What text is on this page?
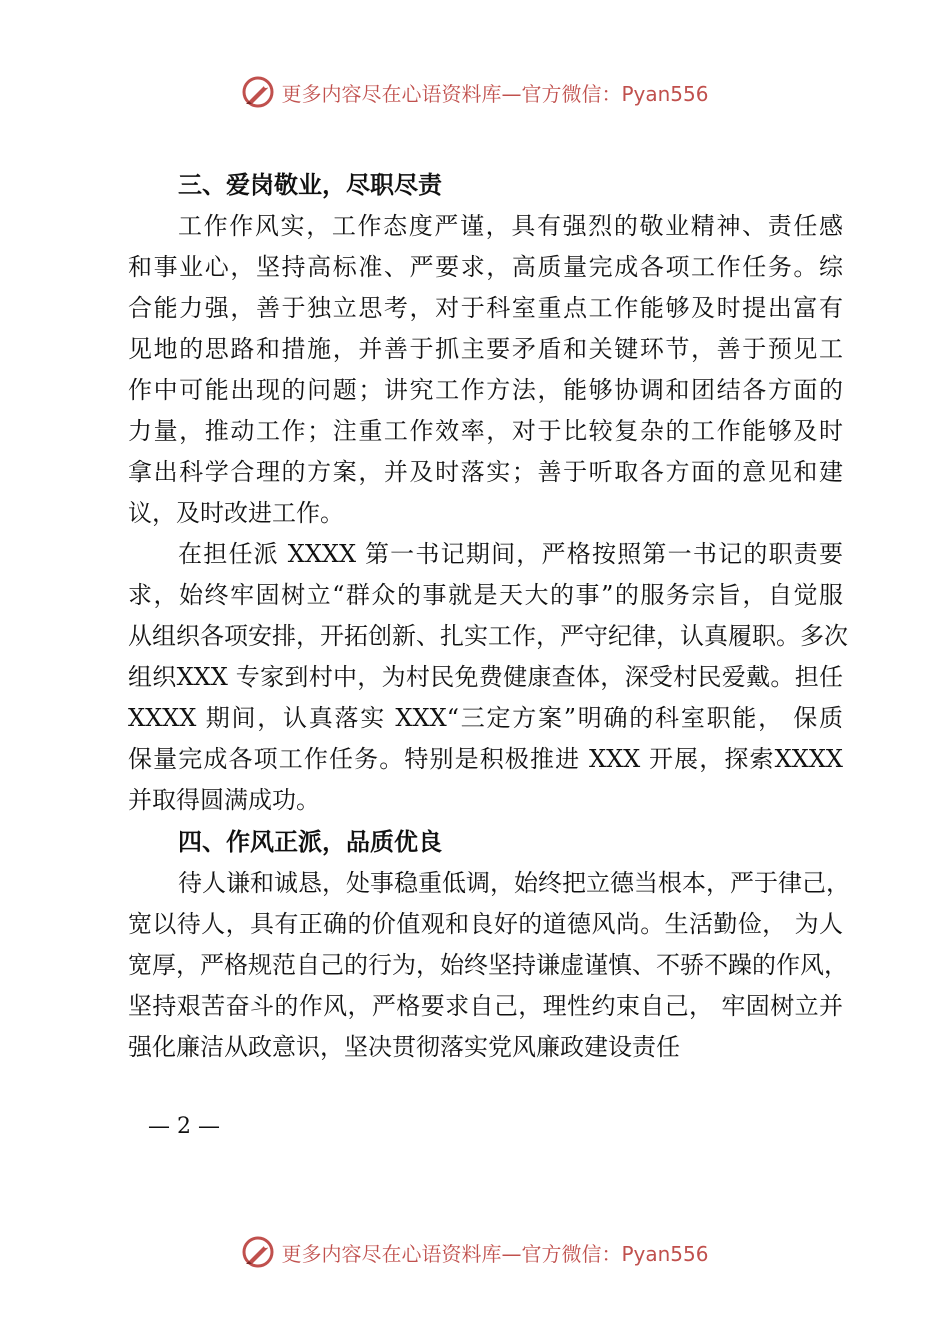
更多内容尽在心语资料库—官方微信：Pyan556
三、爱岗敬业，尽职尽责
工作作风实，工作态度严谨，具有强烈的敬业精神、责任感
和事业心，坚持高标准、严要求，高质量完成各项工作任务。综
合能力强，善于独立思考，对于科室重点工作能够及时提出富有
见地的思路和措施，并善于抓主要矛盾和关键环节，善于预见工
作中可能出现的问题；讲究工作方法，能够协调和团结各方面的
力量，推动工作；注重工作效率，对于比较复杂的工作能够及时
拿出科学合理的方案，并及时落实；善于听取各方面的意见和建
议，及时改进工作。
在担任派 XXXX 第一书记期间，严格按照第一书记的职责要
求，始终牢固树立“群众的事就是天大的事”的服务宗旨，自觉服
从组织各项安排，开拓创新、扎实工作，严守纪律，认真履职。多次
组织XXX 专家到村中，为村民免费健康查体，深受村民爱戴。担任
XXXX 期间，认真落实 XXX“三定方案”明确的科室职能， 保质
保量完成各项工作任务。特别是积极推进 XXX 开展，探索XXXX
并取得圆满成功。
四、作风正派，品质优良
待人谦和诚恳，处事稳重低调，始终把立德当根本，严于律己，
宽以待人，具有正确的价值观和良好的道德风尚。生活勤俭， 为人
宽厚，严格规范自己的行为，始终坚持谦虚谨慎、不骄不躁的作风，
坚持艰苦奋斗的作风，严格要求自己，理性约束自己， 牢固树立并
强化廉洁从政意识，坚决贯彻落实党风廉政建设责任
— 2 —
更多内容尽在心语资料库—官方微信：Pyan556
